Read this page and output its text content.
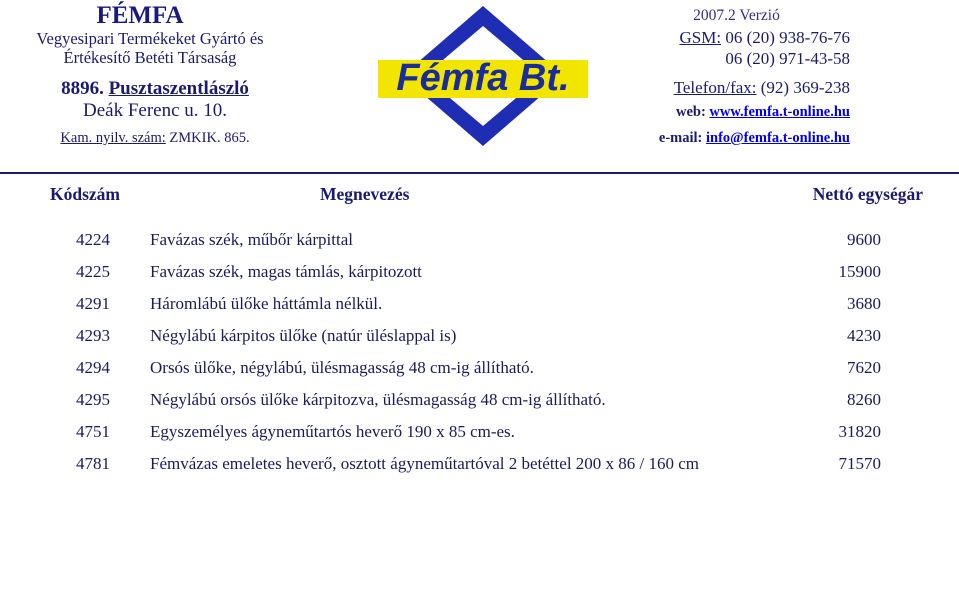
FÉMFA
Vegyesipari Termékeket Gyártó és
Értékesítő Betéti Társaság
8896. Pusztaszentlászló
Deák Ferenc u. 10.
Kam. nyilv. szám: ZMKIK. 865.
Fémfa Bt.
2007.2 Verzió
GSM: 06 (20) 938-76-76
06 (20) 971-43-58
Telefon/fax: (92) 369-238
web: www.femfa.t-online.hu
e-mail: info@femfa.t-online.hu
Kódszám	Megnevezés	Nettó egységár
4224 Favázas szék, műbőr kárpittal	9600
4225 Favázas szék, magas támlás, kárpitozott	15900
4291 Háromlábú ülőke háttámla nélkül.	3680
4293 Négylábú kárpitos ülőke (natúr üléslappal is)	4230
4294 Orsós ülőke, négylábú, ülésmagasság 48 cm-ig állítható.	7620
4295 Négylábú orsós ülőke kárpitozva, ülésmagasság 48 cm-ig állítható.	8260
4751 Egyszemélyes ágyneműtartós heverő 190 x 85 cm-es.	31820
4781 Fémvázas emeletes heverő, osztott ágyneműtartóval 2 betéttel 200 x 86 / 160 cm	71570
